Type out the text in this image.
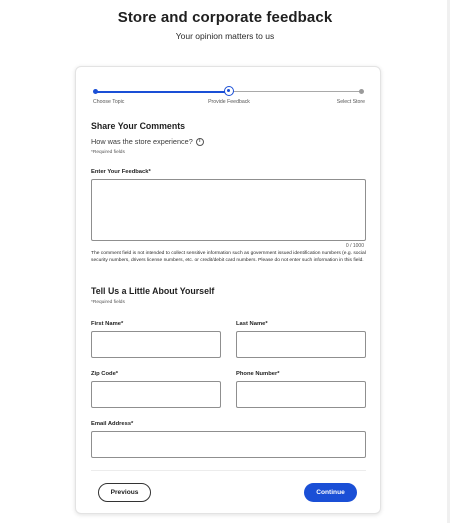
Store and corporate feedback
Your opinion matters to us
Choose Topic	Provide Feedback	Select Store
Share Your Comments
How was the store experience?	i
*Required fields
Enter Your Feedback*
0 / 1000
The comment field is not intended to collect sensitive information such as government issued identification numbers (e.g. social security numbers, drivers license numbers, etc. or credit/debit card numbers. Please do not enter such information in this field.
Tell Us a Little About Yourself
*Required fields
First Name*	Last Name*
Zip Code*	Phone Number*
Email Address*
Previous	Continue
